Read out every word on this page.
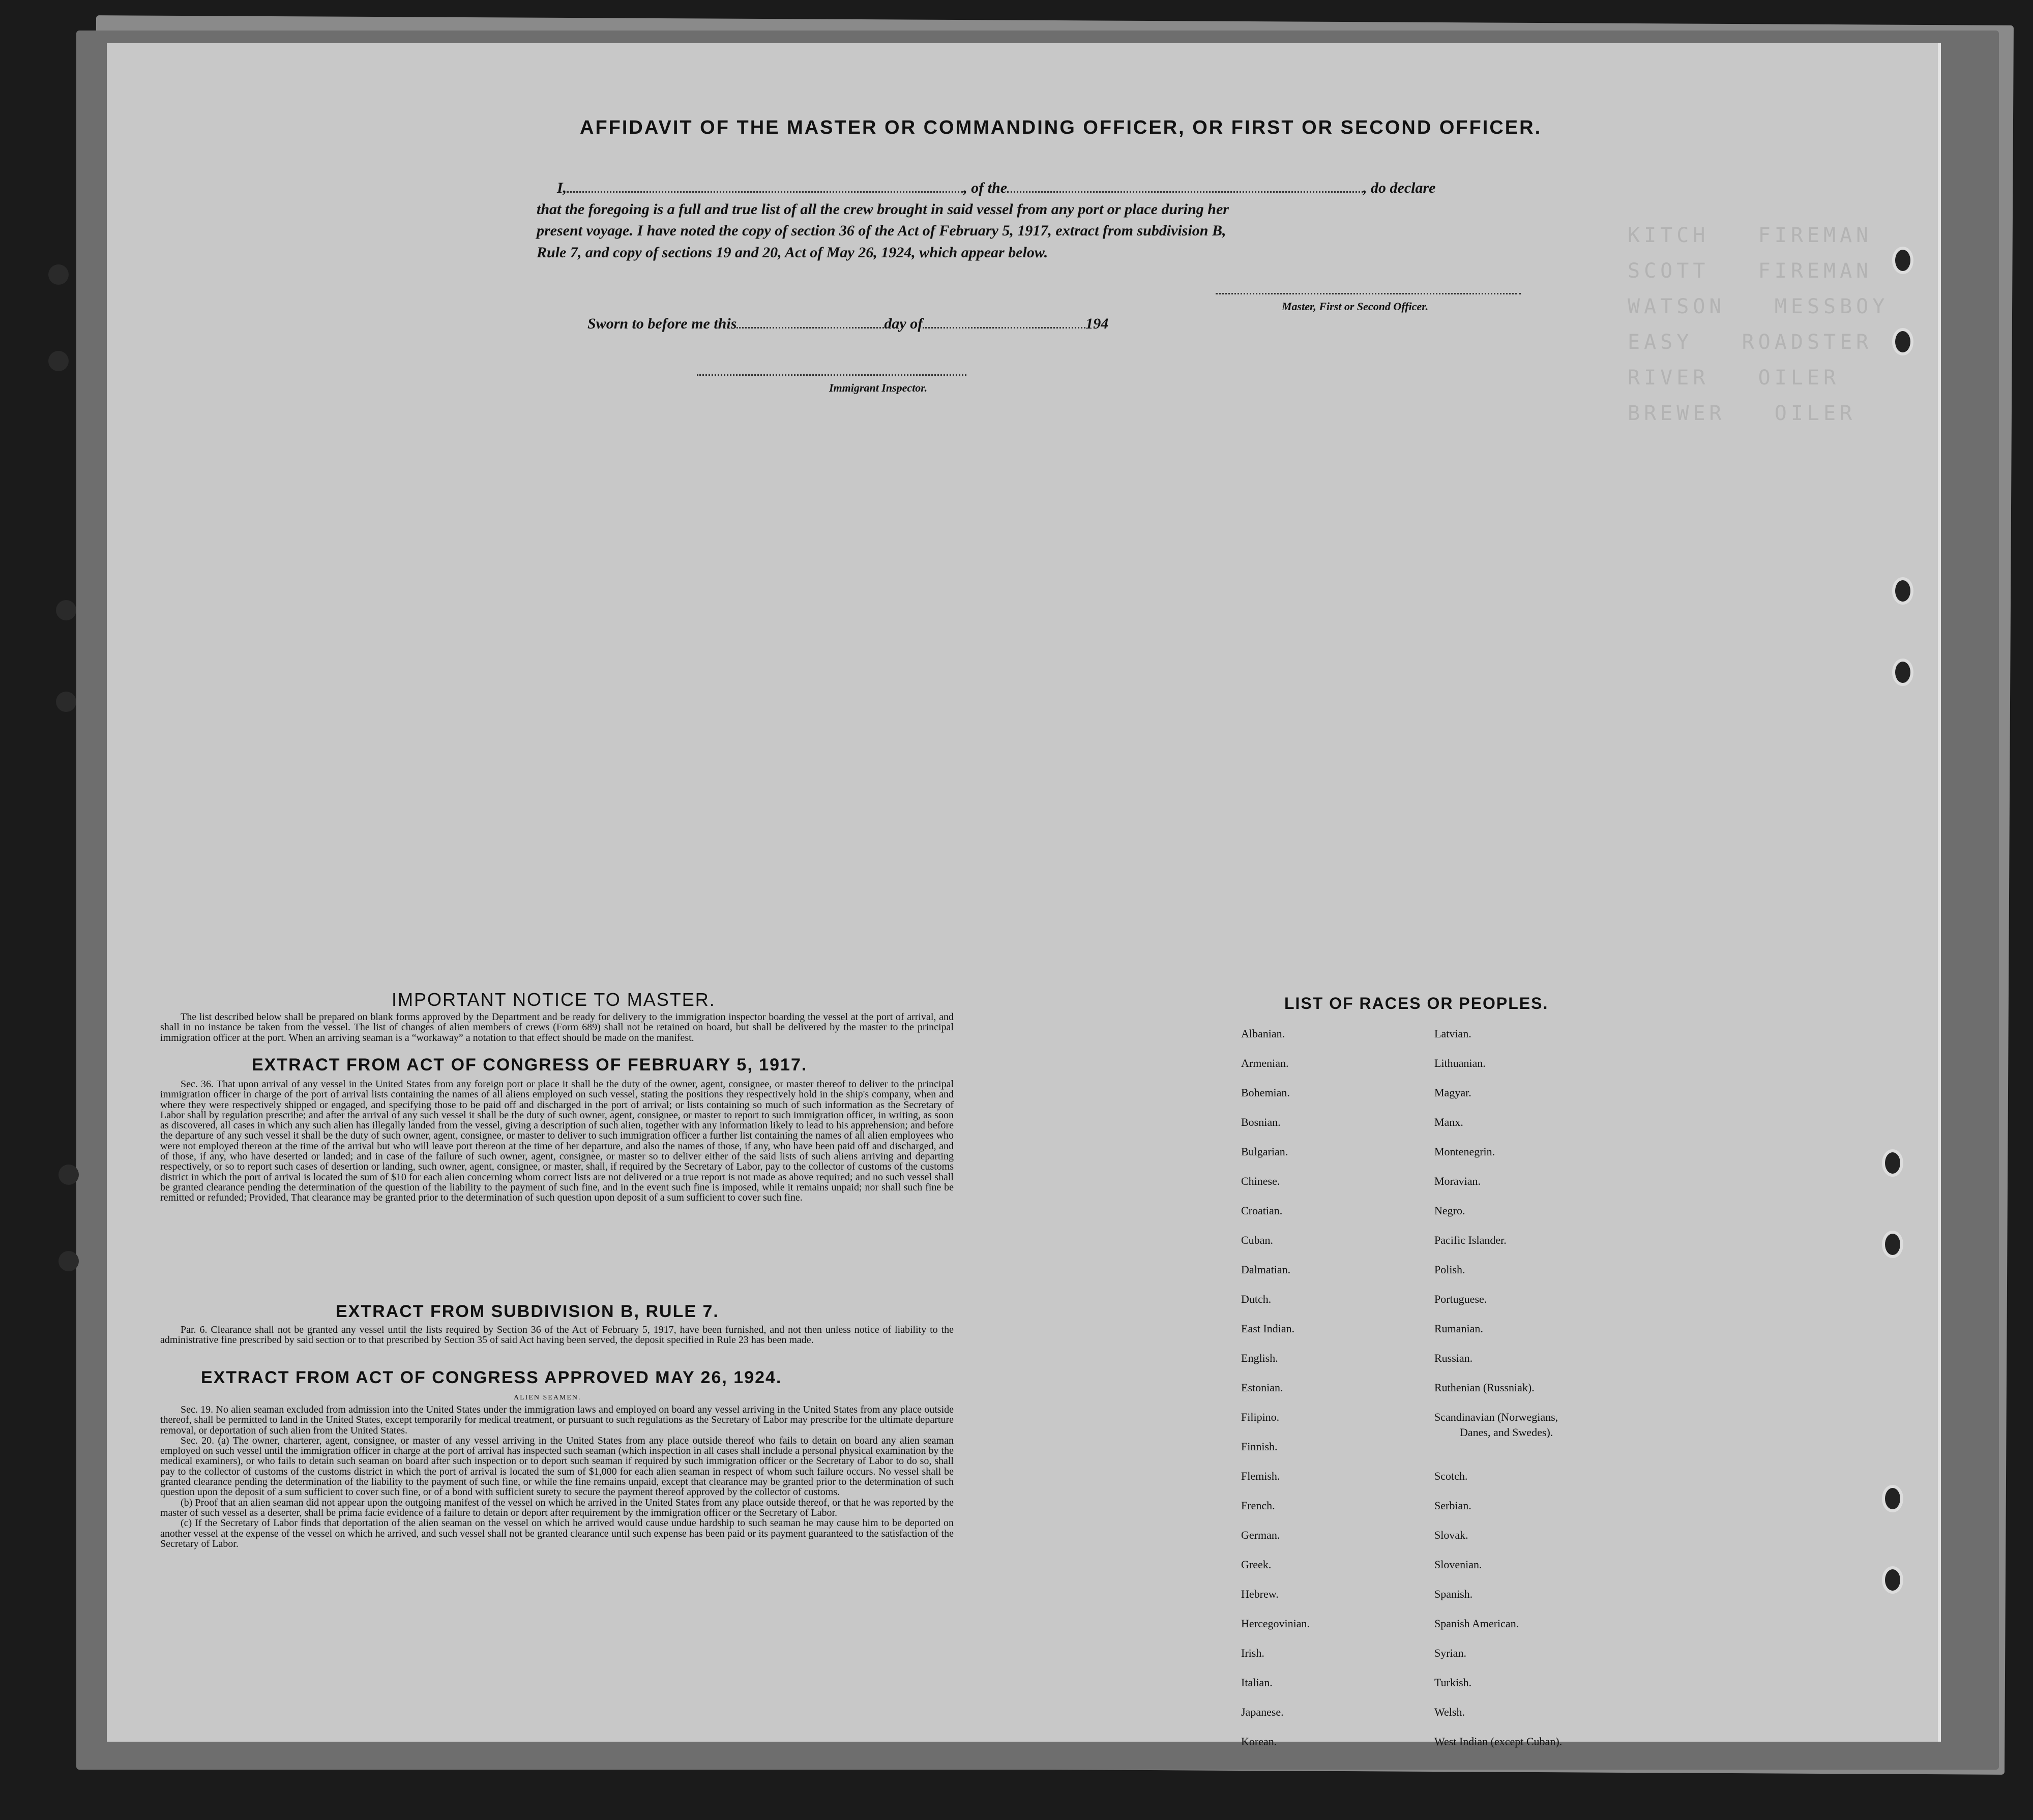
KITCH   FIREMAN
SCOTT   FIREMAN
WATSON   MESSBOY
EASY   ROADSTER
RIVER   OILER
BREWER   OILER
AFFIDAVIT OF THE MASTER OR COMMANDING OFFICER, OR FIRST OR SECOND OFFICER.
I,	, of the	, do declare
that the foregoing is a full and true list of all the crew brought in said vessel from any port or place during her
present voyage. I have noted the copy of section 36 of the Act of February 5, 1917, extract from subdivision B,
Rule 7, and copy of sections 19 and 20, Act of May 26, 1924, which appear below.
Master, First or Second Officer.
Sworn to before me this	day of	194
Immigrant Inspector.
IMPORTANT NOTICE TO MASTER.

The list described below shall be prepared on blank forms approved by the Department and be ready for delivery to the immigration inspector boarding the vessel at the port of arrival, and shall in no instance be taken from the vessel. The list of changes of alien members of crews (Form 689) shall not be retained on board, but shall be delivered by the master to the principal immigration officer at the port. When an arriving seaman is a “workaway” a notation to that effect should be made on the manifest.

EXTRACT FROM ACT OF CONGRESS OF FEBRUARY 5, 1917.

Sec. 36. That upon arrival of any vessel in the United States from any foreign port or place it shall be the duty of the owner, agent, consignee, or master thereof to deliver to the principal immigration officer in charge of the port of arrival lists containing the names of all aliens employed on such vessel, stating the positions they respectively hold in the ship's company, when and where they were respectively shipped or engaged, and specifying those to be paid off and discharged in the port of arrival; or lists containing so much of such information as the Secretary of Labor shall by regulation prescribe; and after the arrival of any such vessel it shall be the duty of such owner, agent, consignee, or master to report to such immigration officer, in writing, as soon as discovered, all cases in which any such alien has illegally landed from the vessel, giving a description of such alien, together with any information likely to lead to his apprehension; and before the departure of any such vessel it shall be the duty of such owner, agent, consignee, or master to deliver to such immigration officer a further list containing the names of all alien employees who were not employed thereon at the time of the arrival but who will leave port thereon at the time of her departure, and also the names of those, if any, who have been paid off and discharged, and of those, if any, who have deserted or landed; and in case of the failure of such owner, agent, consignee, or master so to deliver either of the said lists of such aliens arriving and departing respectively, or so to report such cases of desertion or landing, such owner, agent, consignee, or master, shall, if required by the Secretary of Labor, pay to the collector of customs of the customs district in which the port of arrival is located the sum of $10 for each alien concerning whom correct lists are not delivered or a true report is not made as above required; and no such vessel shall be granted clearance pending the determination of the question of the liability to the payment of such fine, and in the event such fine is imposed, while it remains unpaid; nor shall such fine be remitted or refunded; Provided, That clearance may be granted prior to the determination of such question upon deposit of a sum sufficient to cover such fine.

EXTRACT FROM SUBDIVISION B, RULE 7.

Par. 6. Clearance shall not be granted any vessel until the lists required by Section 36 of the Act of February 5, 1917, have been furnished, and not then unless notice of liability to the administrative fine prescribed by said section or to that prescribed by Section 35 of said Act having been served, the deposit specified in Rule 23 has been made.

EXTRACT FROM ACT OF CONGRESS APPROVED MAY 26, 1924.
ALIEN SEAMEN.

Sec. 19. No alien seaman excluded from admission into the United States under the immigration laws and employed on board any vessel arriving in the United States from any place outside thereof, shall be permitted to land in the United States, except temporarily for medical treatment, or pursuant to such regulations as the Secretary of Labor may prescribe for the ultimate departure removal, or deportation of such alien from the United States.

Sec. 20. (a) The owner, charterer, agent, consignee, or master of any vessel arriving in the United States from any place outside thereof who fails to detain on board any alien seaman employed on such vessel until the immigration officer in charge at the port of arrival has inspected such seaman (which inspection in all cases shall include a personal physical examination by the medical examiners), or who fails to detain such seaman on board after such inspection or to deport such seaman if required by such immigration officer or the Secretary of Labor to do so, shall pay to the collector of customs of the customs district in which the port of arrival is located the sum of $1,000 for each alien seaman in respect of whom such failure occurs. No vessel shall be granted clearance pending the determination of the liability to the payment of such fine, or while the fine remains unpaid, except that clearance may be granted prior to the determination of such question upon the deposit of a sum sufficient to cover such fine, or of a bond with sufficient surety to secure the payment thereof approved by the collector of customs.

(b) Proof that an alien seaman did not appear upon the outgoing manifest of the vessel on which he arrived in the United States from any place outside thereof, or that he was reported by the master of such vessel as a deserter, shall be prima facie evidence of a failure to detain or deport after requirement by the immigration officer or the Secretary of Labor.

(c) If the Secretary of Labor finds that deportation of the alien seaman on the vessel on which he arrived would cause undue hardship to such seaman he may cause him to be deported on another vessel at the expense of the vessel on which he arrived, and such vessel shall not be granted clearance until such expense has been paid or its payment guaranteed to the satisfaction of the Secretary of Labor.

LIST OF RACES OR PEOPLES.
Albanian.
Armenian.
Bohemian.
Bosnian.
Bulgarian.
Chinese.
Croatian.
Cuban.
Dalmatian.
Dutch.
East Indian.
English.
Estonian.
Filipino.
Finnish.
Flemish.
French.
German.
Greek.
Hebrew.
Hercegovinian.
Irish.
Italian.
Japanese.
Korean.
Latvian.
Lithuanian.
Magyar.
Manx.
Montenegrin.
Moravian.
Negro.
Pacific Islander.
Polish.
Portuguese.
Rumanian.
Russian.
Ruthenian (Russniak).
Scandinavian (Norwegians,
Danes, and Swedes).
Scotch.
Serbian.
Slovak.
Slovenian.
Spanish.
Spanish American.
Syrian.
Turkish.
Welsh.
West Indian (except Cuban).
